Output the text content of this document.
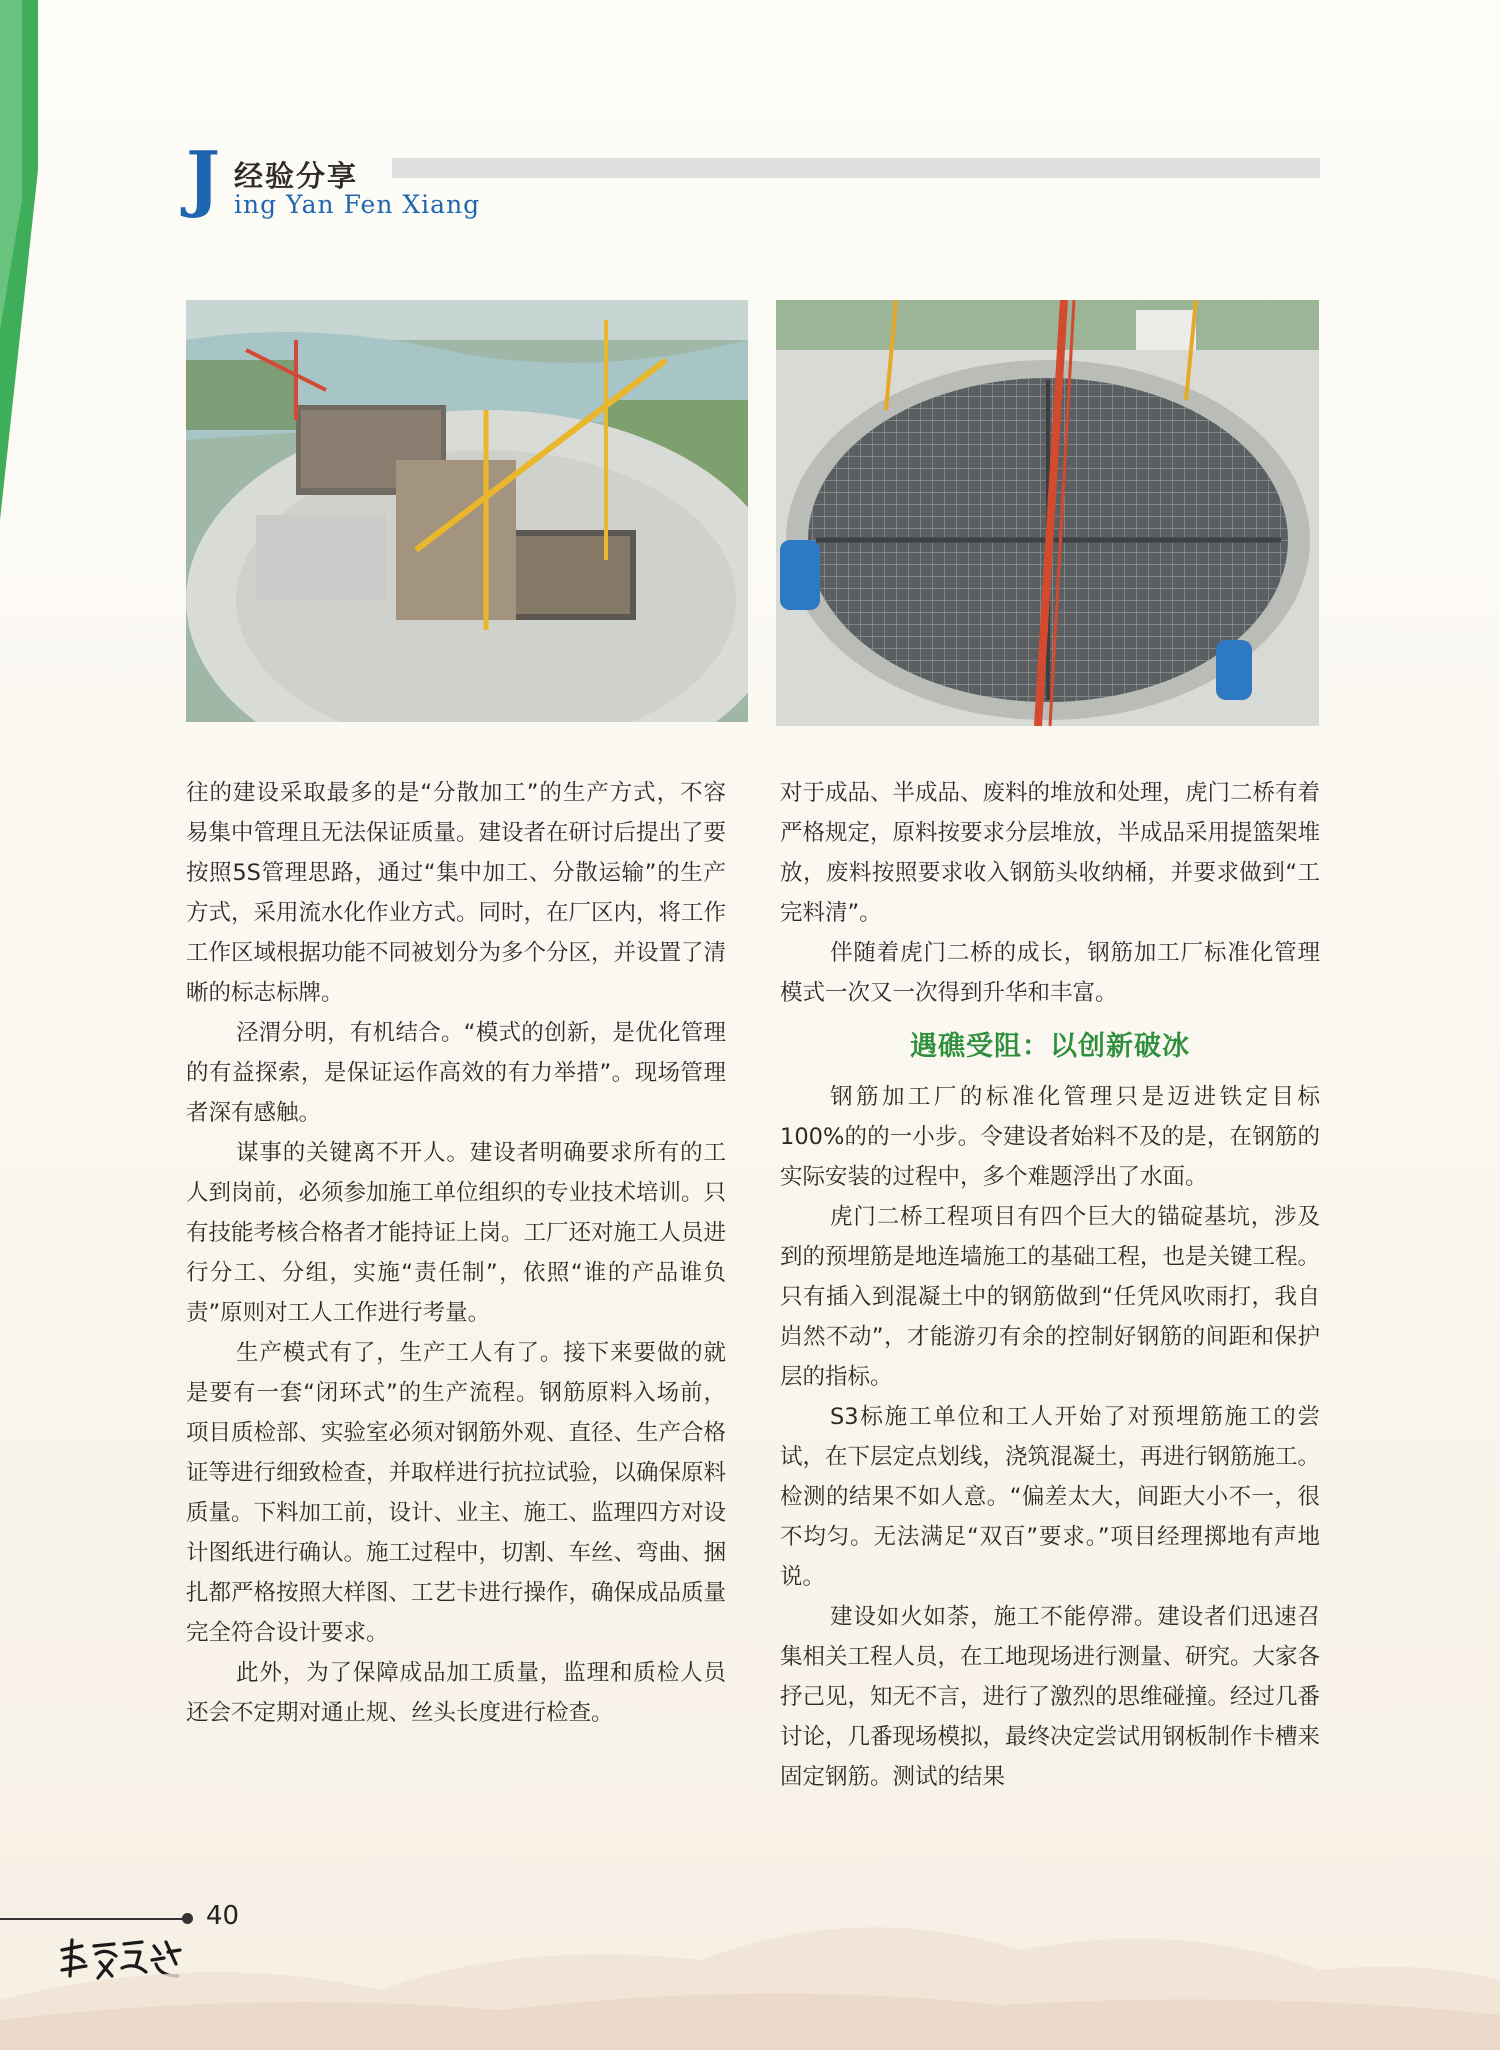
J 经验分享
ing Yan Fen Xiang

往的建设采取最多的是“分散加工”的生产方式，不容易集中管理且无法保证质量。建设者在研讨后提出了要按照5S管理思路，通过“集中加工、分散运输”的生产方式，采用流水化作业方式。同时，在厂区内，将工作工作区域根据功能不同被划分为多个分区，并设置了清晰的标志标牌。

泾渭分明，有机结合。“模式的创新，是优化管理的有益探索，是保证运作高效的有力举措”。现场管理者深有感触。

谋事的关键离不开人。建设者明确要求所有的工人到岗前，必须参加施工单位组织的专业技术培训。只有技能考核合格者才能持证上岗。工厂还对施工人员进行分工、分组，实施“责任制”，依照“谁的产品谁负责”原则对工人工作进行考量。

生产模式有了，生产工人有了。接下来要做的就是要有一套“闭环式”的生产流程。钢筋原料入场前，项目质检部、实验室必须对钢筋外观、直径、生产合格证等进行细致检查，并取样进行抗拉试验，以确保原料质量。下料加工前，设计、业主、施工、监理四方对设计图纸进行确认。施工过程中，切割、车丝、弯曲、捆扎都严格按照大样图、工艺卡进行操作，确保成品质量完全符合设计要求。

此外，为了保障成品加工质量，监理和质检人员还会不定期对通止规、丝头长度进行检查。

对于成品、半成品、废料的堆放和处理，虎门二桥有着严格规定，原料按要求分层堆放，半成品采用提篮架堆放，废料按照要求收入钢筋头收纳桶，并要求做到“工完料清”。

伴随着虎门二桥的成长，钢筋加工厂标准化管理模式一次又一次得到升华和丰富。

遇礁受阻：以创新破冰

钢筋加工厂的标准化管理只是迈进铁定目标100%的的一小步。令建设者始料不及的是，在钢筋的实际安装的过程中，多个难题浮出了水面。

虎门二桥工程项目有四个巨大的锚碇基坑，涉及到的预埋筋是地连墙施工的基础工程，也是关键工程。只有插入到混凝土中的钢筋做到“任凭风吹雨打，我自岿然不动”，才能游刃有余的控制好钢筋的间距和保护层的指标。

S3标施工单位和工人开始了对预埋筋施工的尝试，在下层定点划线，浇筑混凝土，再进行钢筋施工。检测的结果不如人意。“偏差太大，间距大小不一，很不均匀。无法满足“双百”要求。”项目经理掷地有声地说。

建设如火如荼，施工不能停滞。建设者们迅速召集相关工程人员，在工地现场进行测量、研究。大家各抒己见，知无不言，进行了激烈的思维碰撞。经过几番讨论，几番现场模拟，最终决定尝试用钢板制作卡槽来固定钢筋。测试的结果

40
